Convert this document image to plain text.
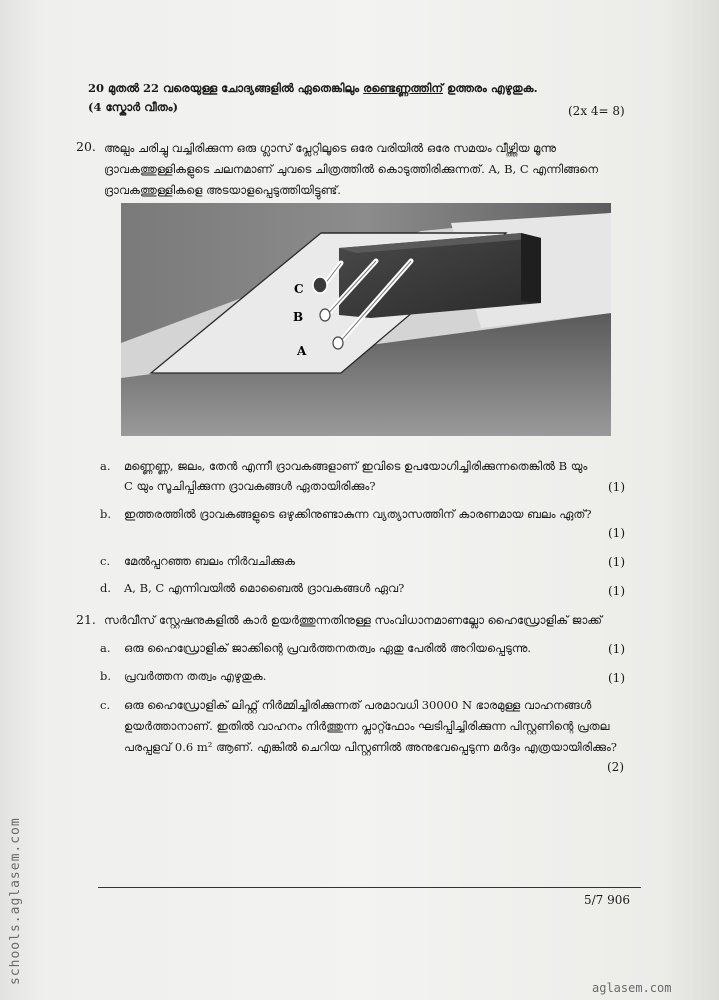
20 മുതൽ 22 വരെയുള്ള ചോദ്യങ്ങളിൽ ഏതെങ്കിലും രണ്ടെണ്ണത്തിന് ഉത്തരം എഴുതുക.
(4 സ്കോർ വീതം)	(2x 4= 8)
20. അല്പം ചരിച്ചു വച്ചിരിക്കുന്ന ഒരു ഗ്ലാസ് പ്ലേറ്റിലൂടെ ഒരേ വരിയിൽ ഒരേ സമയം വീഴ്ത്തിയ മൂന്നു
ദ്രാവകത്തുള്ളികളുടെ ചലനമാണ് ചുവടെ ചിത്രത്തിൽ കൊടുത്തിരിക്കുന്നത്. A, B, C എന്നിങ്ങനെ
ദ്രാവകത്തുള്ളികളെ അടയാളപ്പെടുത്തിയിട്ടുണ്ട്.
C
B
A
a. മണ്ണെണ്ണ, ജലം, തേൻ എന്നീ ദ്രാവകങ്ങളാണ് ഇവിടെ ഉപയോഗിച്ചിരിക്കുന്നതെങ്കിൽ B യും
C യും സൂചിപ്പിക്കുന്ന ദ്രാവകങ്ങൾ ഏതായിരിക്കും?	(1)
b. ഇത്തരത്തിൽ ദ്രാവകങ്ങളുടെ ഒഴുക്കിനുണ്ടാകുന്ന വ്യത്യാസത്തിന് കാരണമായ ബലം ഏത്?
(1)
c. മേൽപ്പറഞ്ഞ ബലം നിർവചിക്കുക	(1)
d. A, B, C എന്നിവയിൽ മൊബൈൽ ദ്രാവകങ്ങൾ ഏവ?	(1)
21. സർവീസ് സ്റ്റേഷനുകളിൽ കാർ ഉയർത്തുന്നതിനുള്ള സംവിധാനമാണല്ലോ ഹൈഡ്രോളിക് ജാക്ക്
a. ഒരു ഹൈഡ്രോളിക് ജാക്കിന്റെ പ്രവർത്തനതത്വം ഏതു പേരിൽ അറിയപ്പെടുന്നു.	(1)
b. പ്രവർത്തന തത്വം എഴുതുക.	(1)
c. ഒരു ഹൈഡ്രോളിക് ലിഫ്റ്റ് നിർമ്മിച്ചിരിക്കുന്നത് പരമാവധി 30000 N ഭാരമുള്ള വാഹനങ്ങൾ
ഉയർത്താനാണ്. ഇതിൽ വാഹനം നിർത്തുന്ന പ്ലാറ്റ്ഫോം ഘടിപ്പിച്ചിരിക്കുന്ന പിസ്റ്റണിന്റെ പ്രതല
പരപ്പളവ് 0.6 m² ആണ്. എങ്കിൽ ചെറിയ പിസ്റ്റണിൽ അനുഭവപ്പെടുന്ന മർദ്ദം എത്രയായിരിക്കും?
(2)
5/7 906
schools.aglasem.com
aglasem.com
